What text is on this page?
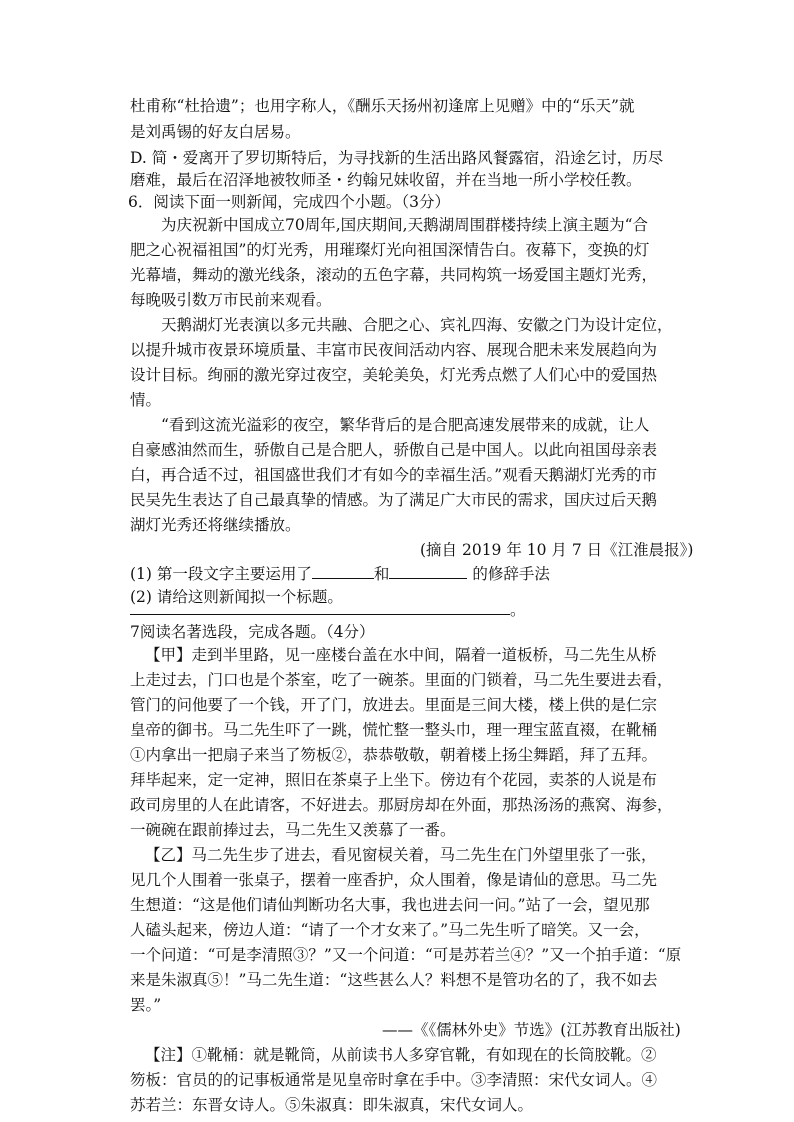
杜甫称“杜拾遗”；也用字称人，《酬乐天扬州初逢席上见赠》中的“乐天”就
是刘禹锡的好友白居易。
D. 简・爱离开了罗切斯特后，为寻找新的生活出路风餐露宿，沿途乞讨，历尽
磨难，最后在沼泽地被牧师圣・约翰兄妹收留，并在当地一所小学校任教。
6．阅读下面一则新闻，完成四个小题。（3分）
为庆祝新中国成立70周年,国庆期间,天鹅湖周围群楼持续上演主题为“合
肥之心祝福祖国”的灯光秀，用璀璨灯光向祖国深情告白。夜幕下，变换的灯
光幕墙，舞动的激光线条，滚动的五色字幕，共同构筑一场爱国主题灯光秀，
每晚吸引数万市民前来观看。
天鹅湖灯光表演以多元共融、合肥之心、宾礼四海、安徽之门为设计定位，
以提升城市夜景环境质量、丰富市民夜间活动内容、展现合肥未来发展趋向为
设计目标。绚丽的激光穿过夜空，美轮美奂，灯光秀点燃了人们心中的爱国热
情。
“看到这流光溢彩的夜空，繁华背后的是合肥高速发展带来的成就，让人
自豪感油然而生，骄傲自己是合肥人，骄傲自己是中国人。以此向祖国母亲表
白，再合适不过，祖国盛世我们才有如今的幸福生活。”观看天鹅湖灯光秀的市
民吴先生表达了自己最真挚的情感。为了满足广大市民的需求，国庆过后天鹅
湖灯光秀还将继续播放。
(摘自 2019 年 10 月 7 日《江淮晨报》)
(1) 第一段文字主要运用了	和	的修辞手法
(2) 请给这则新闻拟一个标题。
。
7阅读名著选段，完成各题。（4分）
【甲】走到半里路，见一座楼台盖在水中间，隔着一道板桥，马二先生从桥
上走过去，门口也是个茶室，吃了一碗茶。里面的门锁着，马二先生要进去看，
管门的问他要了一个钱，开了门，放进去。里面是三间大楼，楼上供的是仁宗
皇帝的御书。马二先生吓了一跳，慌忙整一整头巾，理一理宝蓝直裰，在靴桶
①内拿出一把扇子来当了笏板②，恭恭敬敬，朝着楼上扬尘舞蹈，拜了五拜。
拜毕起来，定一定神，照旧在茶桌子上坐下。傍边有个花园，卖茶的人说是布
政司房里的人在此请客，不好进去。那厨房却在外面，那热汤汤的燕窝、海参，
一碗碗在跟前捧过去，马二先生又羡慕了一番。
【乙】马二先生步了进去，看见窗棂关着，马二先生在门外望里张了一张，
见几个人围着一张桌子，摆着一座香护，众人围着，像是请仙的意思。马二先
生想道：“这是他们请仙判断功名大事，我也进去问一问。”站了一会，望见那
人磕头起来，傍边人道：“请了一个才女来了。”马二先生听了暗笑。又一会，
一个问道：“可是李清照③？”又一个问道：“可是苏若兰④？”又一个拍手道：“原
来是朱淑真⑤！”马二先生道：“这些甚么人？料想不是管功名的了，我不如去
罢。”
——《《儒林外史》节选》(江苏教育出版社)
【注】①靴桶：就是靴筒，从前读书人多穿官靴，有如现在的长筒胶靴。②
笏板：官员的的记事板通常是见皇帝时拿在手中。③李清照：宋代女词人。④
苏若兰：东晋女诗人。⑤朱淑真：即朱淑真，宋代女词人。
